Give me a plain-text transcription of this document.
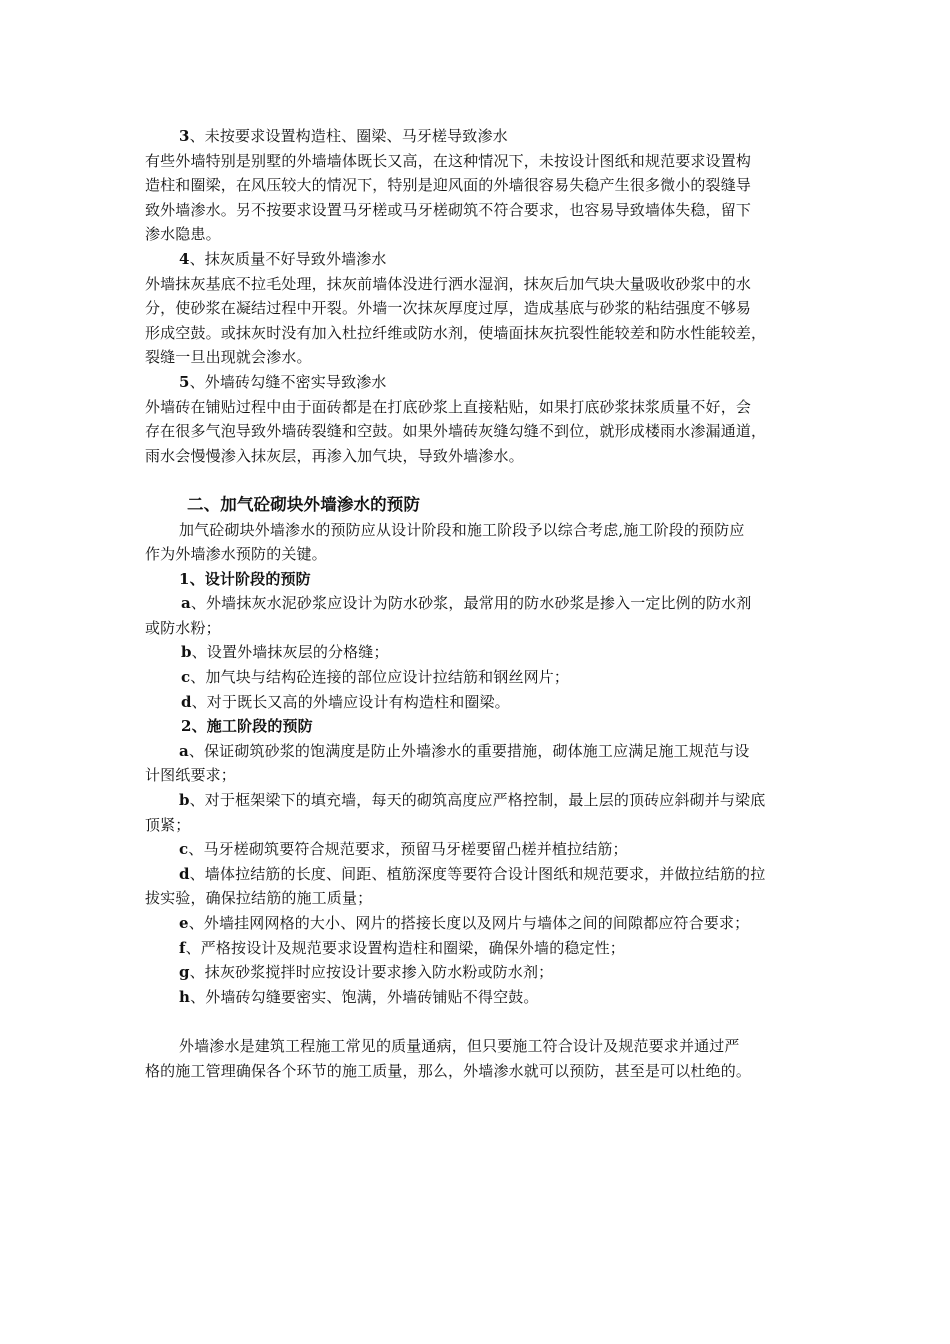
3、未按要求设置构造柱、圈梁、马牙槎导致渗水
有些外墙特别是别墅的外墙墙体既长又高，在这种情况下，未按设计图纸和规范要求设置构
造柱和圈梁，在风压较大的情况下，特别是迎风面的外墙很容易失稳产生很多微小的裂缝导
致外墙渗水。另不按要求设置马牙槎或马牙槎砌筑不符合要求，也容易导致墙体失稳，留下
渗水隐患。
4、抹灰质量不好导致外墙渗水
外墙抹灰基底不拉毛处理，抹灰前墙体没进行洒水湿润，抹灰后加气块大量吸收砂浆中的水
分，使砂浆在凝结过程中开裂。外墙一次抹灰厚度过厚，造成基底与砂浆的粘结强度不够易
形成空鼓。或抹灰时没有加入杜拉纤维或防水剂，使墙面抹灰抗裂性能较差和防水性能较差，
裂缝一旦出现就会渗水。
5、外墙砖勾缝不密实导致渗水
外墙砖在铺贴过程中由于面砖都是在打底砂浆上直接粘贴，如果打底砂浆抹浆质量不好，会
存在很多气泡导致外墙砖裂缝和空鼓。如果外墙砖灰缝勾缝不到位，就形成楼雨水渗漏通道，
雨水会慢慢渗入抹灰层，再渗入加气块，导致外墙渗水。
二、加气砼砌块外墙渗水的预防
加气砼砌块外墙渗水的预防应从设计阶段和施工阶段予以综合考虑,施工阶段的预防应
作为外墙渗水预防的关键。
1、设计阶段的预防
a、外墙抹灰水泥砂浆应设计为防水砂浆，最常用的防水砂浆是掺入一定比例的防水剂
或防水粉；
b、设置外墙抹灰层的分格缝；
c、加气块与结构砼连接的部位应设计拉结筋和钢丝网片；
d、对于既长又高的外墙应设计有构造柱和圈梁。
2、施工阶段的预防
a、保证砌筑砂浆的饱满度是防止外墙渗水的重要措施，砌体施工应满足施工规范与设
计图纸要求；
b、对于框架梁下的填充墙，每天的砌筑高度应严格控制，最上层的顶砖应斜砌并与梁底
顶紧；
c、马牙槎砌筑要符合规范要求，预留马牙槎要留凸槎并植拉结筋；
d、墙体拉结筋的长度、间距、植筋深度等要符合设计图纸和规范要求，并做拉结筋的拉
拔实验，确保拉结筋的施工质量；
e、外墙挂网网格的大小、网片的搭接长度以及网片与墙体之间的间隙都应符合要求；
f、严格按设计及规范要求设置构造柱和圈梁，确保外墙的稳定性；
g、抹灰砂浆搅拌时应按设计要求掺入防水粉或防水剂；
h、外墙砖勾缝要密实、饱满，外墙砖铺贴不得空鼓。
外墙渗水是建筑工程施工常见的质量通病，但只要施工符合设计及规范要求并通过严
格的施工管理确保各个环节的施工质量，那么，外墙渗水就可以预防，甚至是可以杜绝的。
